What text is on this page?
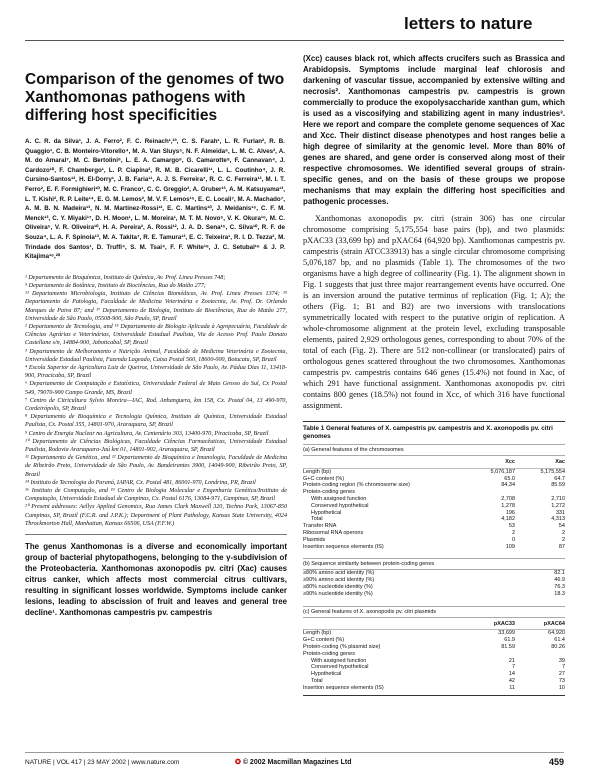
letters to nature
Comparison of the genomes of two Xanthomonas pathogens with differing host specificities
A. C. R. da Silva¹, J. A. Ferro², F. C. Reinach¹,²³, C. S. Farah¹, L. R. Furlan², R. B. Quaggio¹, C. B. Monteiro-Vitorello⁴, M. A. Van Sluys⁵, N. F. Almeida⁶, L. M. C. Alves², A. M. do Amaral⁷, M. C. Bertolini⁸, L. E. A. Camargo⁹, G. Camarotte⁸, F. Cannavan⁴, J. Cardozo¹⁰, F. Chambergo¹, L. P. Ciapina², R. M. B. Cicarelli¹¹, L. L. Coutinho⁴, J. R. Cursino-Santos¹², H. El-Dorry¹, J. B. Faria¹¹, A. J. S. Ferreira⁷, R. C. C. Ferreira¹³, M. I. T. Ferro², E. F. Formighieri¹⁰, M. C. Franco¹, C. C. Greggio², A. Gruber¹³, A. M. Katsuyama¹³, L. T. Kishi², R. P. Leite¹⁴, E. G. M. Lemos², M. V. F. Lemos¹⁵, E. C. Locali⁷, M. A. Machado⁷, A. M. B. N. Madeira¹³, N. M. Martinez-Rossi¹², E. C. Martins¹⁰, J. Meidanis¹⁶, C. F. M. Menck¹³, C. Y. Miyaki¹⁷, D. H. Moon¹, L. M. Moreira¹, M. T. M. Novo⁵, V. K. Okura¹⁶, M. C. Oliveira⁵, V. R. Oliveira¹⁰, H. A. Pereira², A. Rossi¹², J. A. D. Sena¹⁵, C. Silva¹⁰, R. F. de Souza⁴, L. A. F. Spinola¹³, M. A. Takita⁷, R. E. Tamura¹³, E. C. Teixeira¹, R. I. D. Tezza², M. Trindade dos Santos¹, D. Truffi⁴, S. M. Tsai⁴, F. F. White¹⁸, J. C. Setubal¹⁶ & J. P. Kitajima¹⁶,²⁰

¹ Departamento de Bioquímica, Instituto de Química, Av. Prof. Lineu Presses 748;

⁵ Departamento de Botânica, Instituto de Biociências, Rua do Matão 277;

¹³ Departamento Microbiologia, Instituto de Ciências Biomédicas, Av. Prof. Lineu Presses 1374; ¹⁵ Departamento de Patologia, Faculdade de Medicina Veterinária e Zootecnia, Av. Prof. Dr. Orlando Marques de Paiva 87; and ¹⁷ Departamento de Biologia, Instituto de Biociências, Rua do Matão 277, Universidade de São Paulo, 05508-900, São Paulo, SP, Brazil

² Departamento de Tecnologia, and ¹⁵ Departamento de Biologia Aplicada à Agropecuária, Faculdade de Ciências Agrárias e Veterinárias, Universidade Estadual Paulista, Via de Acesso Prof. Paulo Donato Castellane s/n, 14884-900, Jaboticabal, SP, Brazil

³ Departamento de Melhoramento e Nutrição Animal, Faculdade de Medicina Veterinária e Zootecnia, Universidade Estadual Paulista, Fazenda Lageado, Caixa Postal 560, 18600-000, Botucatu, SP, Brazil

⁴ Escola Superior de Agricultura Luiz de Queiroz, Universidade de São Paulo, Av. Pádua Dias 11, 13418-900, Piracicaba, SP, Brazil

⁶ Departamento de Computação e Estatística, Universidade Federal de Mato Grosso do Sul, Cx Postal 549, 79070-900 Campo Grande, MS, Brazil

⁷ Centro de Citricultura Sylvio Moreira—IAC, Rod. Anhanguera, km 158, Cx. Postal 04, 13 490-970, Cordeirópolis, SP, Brazil

⁸ Departamento de Bioquímica e Tecnologia Química, Instituto de Química, Universidade Estadual Paulista, Cx. Postal 355, 14801-970, Araraquara, SP, Brazil

⁹ Centro de Energia Nuclear na Agricultura, Av. Centenário 303, 13400-970, Piracicaba, SP, Brazil

¹⁰ Departamento de Ciências Biológicas, Faculdade Ciências Farmacêuticas, Universidade Estadual Paulista, Rodovia Araraquara-Jaú km 01, 14801-902, Araraquara, SP, Brazil

¹¹ Departamento de Genética, and ¹² Departamento de Bioquímica e Imunologia, Faculdade de Medicina de Ribeirão Preto, Universidade de São Paulo, Av. Bandeirantes 3900, 14049-900, Ribeirão Preto, SP, Brazil

¹⁴ Instituto de Tecnologia do Paraná, IAPAR, Cx. Postal 481, 86001-970, Londrina, PR, Brazil

¹⁶ Instituto de Computação, and ¹⁹ Centro de Biologia Molecular e Engenharia Genética/Instituto de Computação, Universidade Estadual de Campinas, Cx. Postal 6176, 13084-971, Campinas, SP, Brazil

²⁰ Present addresses: Aellyx Applied Genomics, Rua James Clark Maxwell 320, Techno Park, 13067-850 Campinas, SP, Brazil (F.C.R. and J.P.K.); Department of Plant Pathology, Kansas State University, 4024 Throckmorton Hall, Manhattan, Kansas 66506, USA (F.F.W.)

The genus Xanthomonas is a diverse and economically important group of bacterial phytopathogens, belonging to the γ-subdivision of the Proteobacteria. Xanthomonas axonopodis pv. citri (Xac) causes citrus canker, which affects most commercial citrus cultivars, resulting in significant losses worldwide. Symptoms include canker lesions, leading to abscission of fruit and leaves and general tree decline¹. Xanthomonas campestris pv. campestris
(Xcc) causes black rot, which affects crucifers such as Brassica and Arabidopsis. Symptoms include marginal leaf chlorosis and darkening of vascular tissue, accompanied by extensive wilting and necrosis². Xanthomonas campestris pv. campestris is grown commercially to produce the exopolysaccharide xanthan gum, which is used as a viscosifying and stabilizing agent in many industries³. Here we report and compare the complete genome sequences of Xac and Xcc. Their distinct disease phenotypes and host ranges belie a high degree of similarity at the genomic level. More than 80% of genes are shared, and gene order is conserved along most of their respective chromosomes. We identified several groups of strain-specific genes, and on the basis of these groups we propose mechanisms that may explain the differing host specificities and pathogenic processes.
Xanthomonas axonopodis pv. citri (strain 306) has one circular chromosome comprising 5,175,554 base pairs (bp), and two plasmids: pXAC33 (33,699 bp) and pXAC64 (64,920 bp). Xanthomonas campestris pv. campestris (strain ATCC33913) has a single circular chromosome comprising 5,076,187 bp, and no plasmids (Table 1). The chromosomes of the two organisms have a high degree of collinearity (Fig. 1). The alignment shown in Fig. 1 suggests that just three major rearrangement events have occurred. One is an inversion around the putative terminus of replication (Fig. 1; A); the others (Fig. 1; B1 and B2) are two inversions with translocations symmetrically located with respect to the putative origin of replication. A whole-chromosome alignment at the protein level, excluding transposable elements, paired 2,929 orthologous genes, corresponding to about 70% of the total of each (Fig. 2). There are 512 non-collinear (or translocated) pairs of orthologous genes scattered throughout the two chromosomes. Xanthomonas campestris pv. campestris contains 646 genes (15.4%) not found in Xac, of which 291 have functional assignment. Xanthomonas axonopodis pv. citri contains 800 genes (18.5%) not found in Xcc, of which 316 have functional assignment.
Table 1 General features of X. campestris pv. campestris and X. axonopodis pv. citri genomes
(a) General features of the chromosomes
Xcc	Xac
Length (bp)	5,076,187	5,175,554
G+C content (%)	65.0	64.7
Protein-coding region (% chromosome size)	84.34	85.59
Protein-coding genes
With assigned function	2,708	2,710
Conserved hypothetical	1,278	1,272
Hypothetical	196	331
Total	4,182	4,313
Transfer RNA	53	54
Ribosomal RNA operons	2	2
Plasmids	0	2
Insertion sequence elements (IS)	109	87
(b) Sequence similarity between protein-coding genes
≥80% amino acid identity (%)	82.1
≥90% amino acid identity (%)	46.9
≥80% nucleotide identity (%)	76.3
≥90% nucleotide identity (%)	18.3
(c) General features of X. axonopodis pv. citri plasmids
pXAC33	pXAC64
Length (bp)	33,699	64,920
G+C content (%)	61.9	61.4
Protein-coding (% plasmid size)	81.59	80.26
Protein-coding genes
With assigned function	21	39
Conserved hypothetical	7	7
Hypothetical	14	27
Total	42	73
Insertion sequence elements (IS)	11	10
NATURE | VOL 417 | 23 MAY 2002 | www.nature.com	✪ © 2002 Macmillan Magazines Ltd	459
